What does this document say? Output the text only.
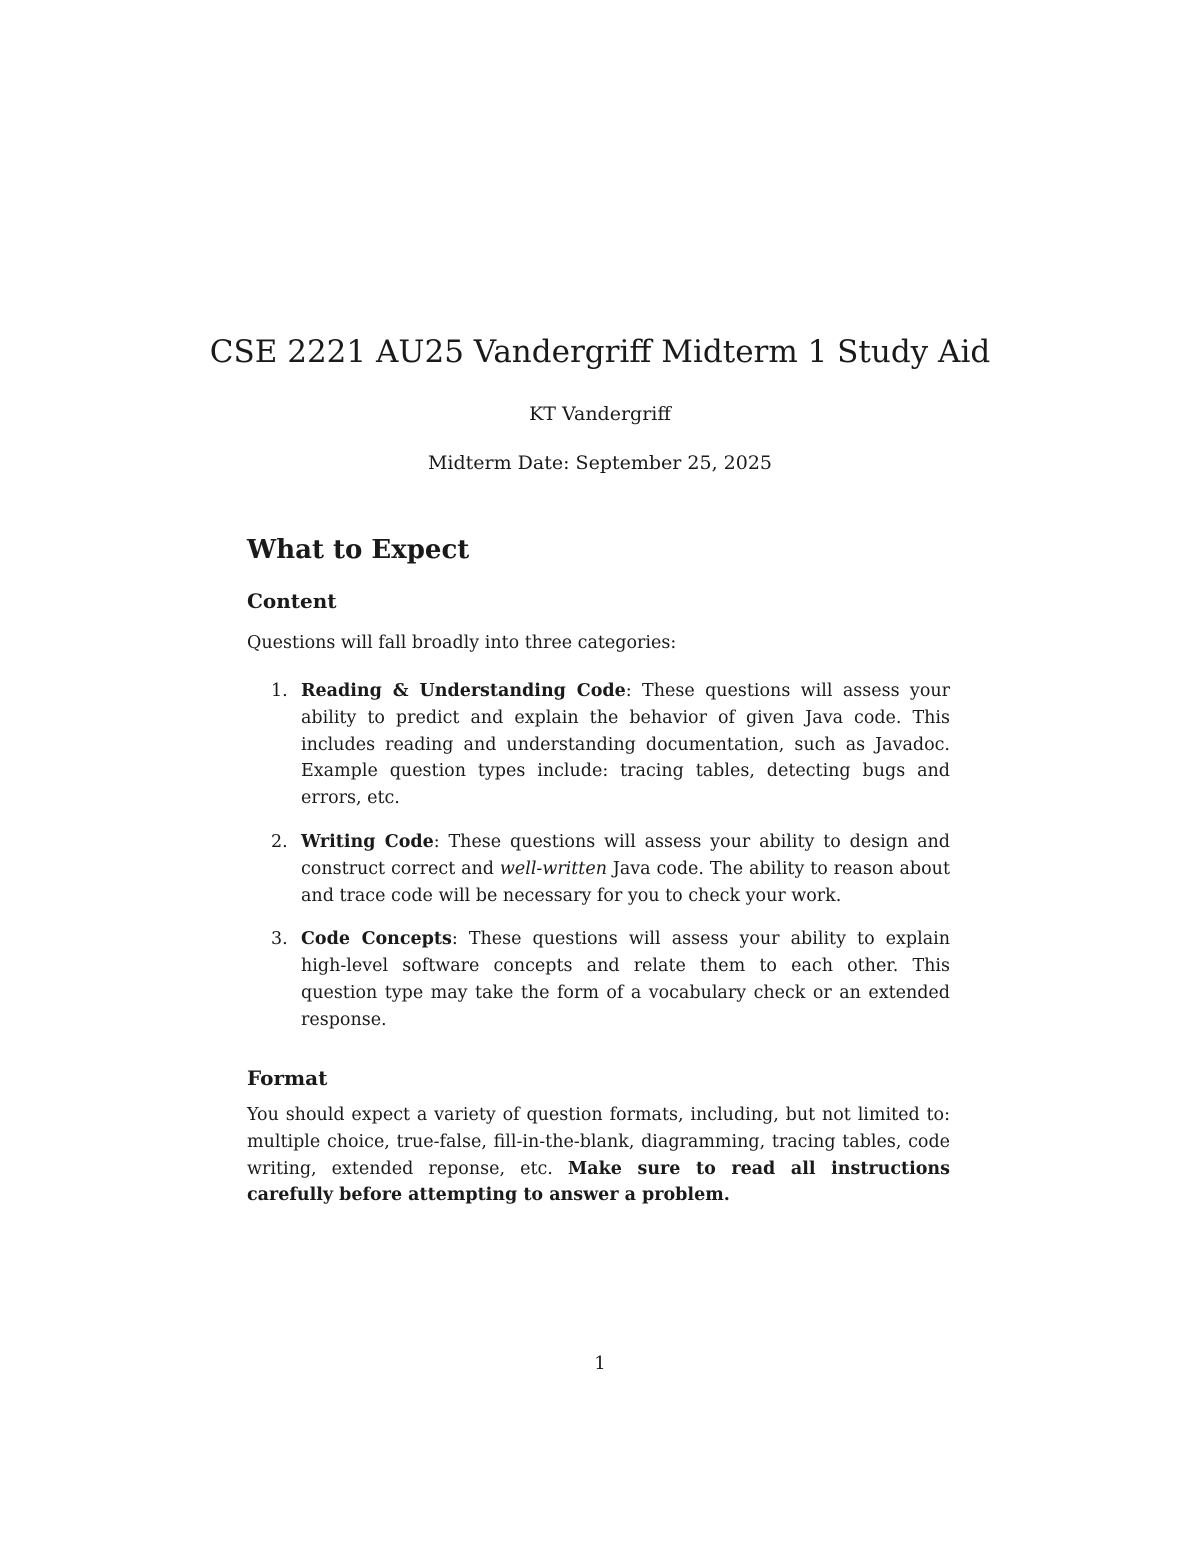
CSE 2221 AU25 Vandergriff Midterm 1 Study Aid
KT Vandergriff
Midterm Date: September 25, 2025
What to Expect
Content
Questions will fall broadly into three categories:
1. Reading & Understanding Code: These questions will assess your ability to predict and explain the behavior of given Java code. This includes reading and understanding documentation, such as Javadoc. Example question types include: tracing tables, detecting bugs and errors, etc.
2. Writing Code: These questions will assess your ability to design and construct correct and well-written Java code. The ability to reason about and trace code will be necessary for you to check your work.
3. Code Concepts: These questions will assess your ability to explain high-level software concepts and relate them to each other. This question type may take the form of a vocabulary check or an extended response.
Format
You should expect a variety of question formats, including, but not limited to: multiple choice, true-false, fill-in-the-blank, diagramming, tracing tables, code writing, extended reponse, etc. Make sure to read all instructions carefully before attempting to answer a problem.
1
